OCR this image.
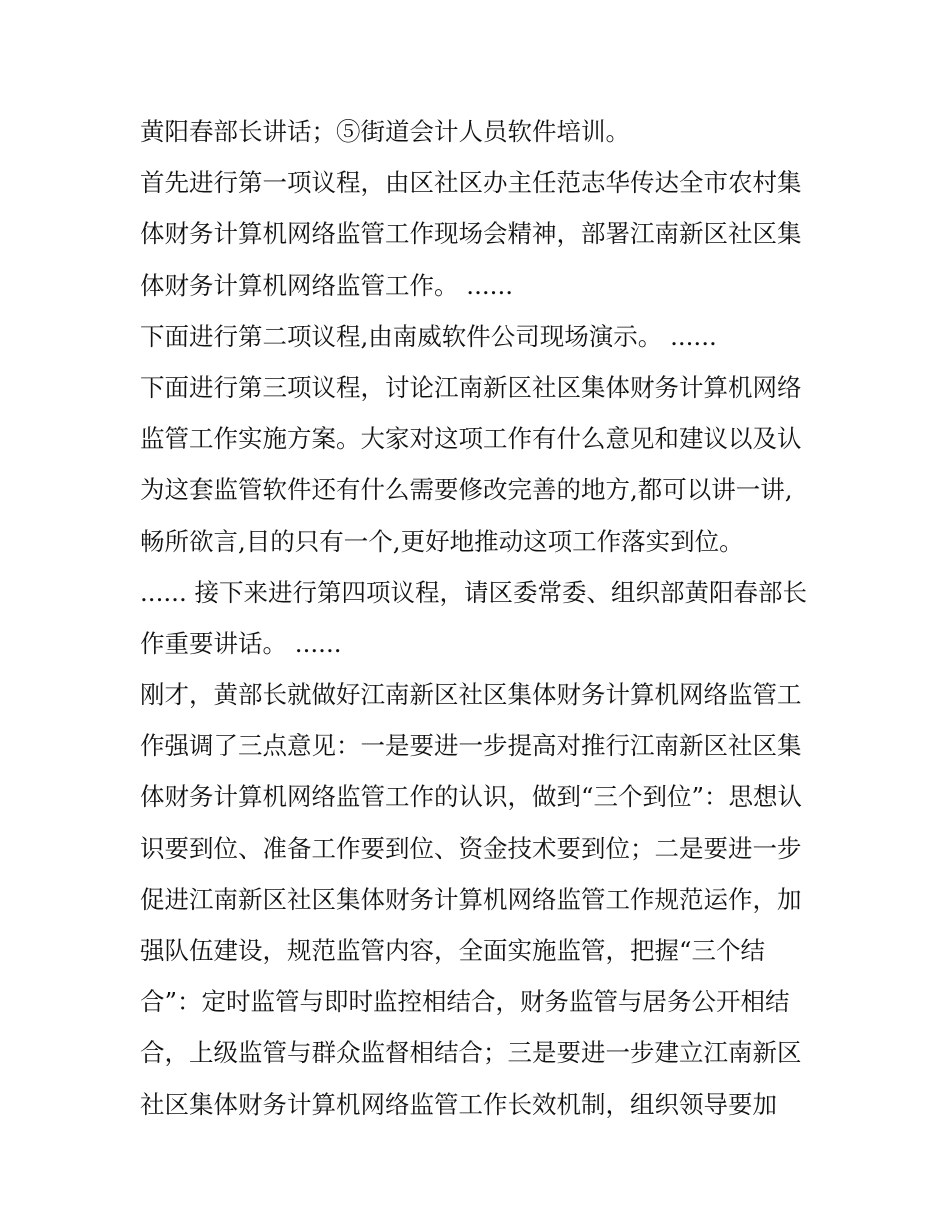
黄阳春部长讲话；⑤街道会计人员软件培训。
首先进行第一项议程，由区社区办主任范志华传达全市农村集
体财务计算机网络监管工作现场会精神，部署江南新区社区集
体财务计算机网络监管工作。 ......
下面进行第二项议程,由南威软件公司现场演示。 ......
下面进行第三项议程，讨论江南新区社区集体财务计算机网络
监管工作实施方案。大家对这项工作有什么意见和建议以及认
为这套监管软件还有什么需要修改完善的地方,都可以讲一讲,
畅所欲言,目的只有一个,更好地推动这项工作落实到位。
...... 接下来进行第四项议程，请区委常委、组织部黄阳春部长
作重要讲话。 ......
刚才，黄部长就做好江南新区社区集体财务计算机网络监管工
作强调了三点意见：一是要进一步提高对推行江南新区社区集
体财务计算机网络监管工作的认识，做到“三个到位”：思想认
识要到位、准备工作要到位、资金技术要到位；二是要进一步
促进江南新区社区集体财务计算机网络监管工作规范运作，加
强队伍建设，规范监管内容，全面实施监管，把握“三个结
合”：定时监管与即时监控相结合，财务监管与居务公开相结
合，上级监管与群众监督相结合；三是要进一步建立江南新区
社区集体财务计算机网络监管工作长效机制，组织领导要加
